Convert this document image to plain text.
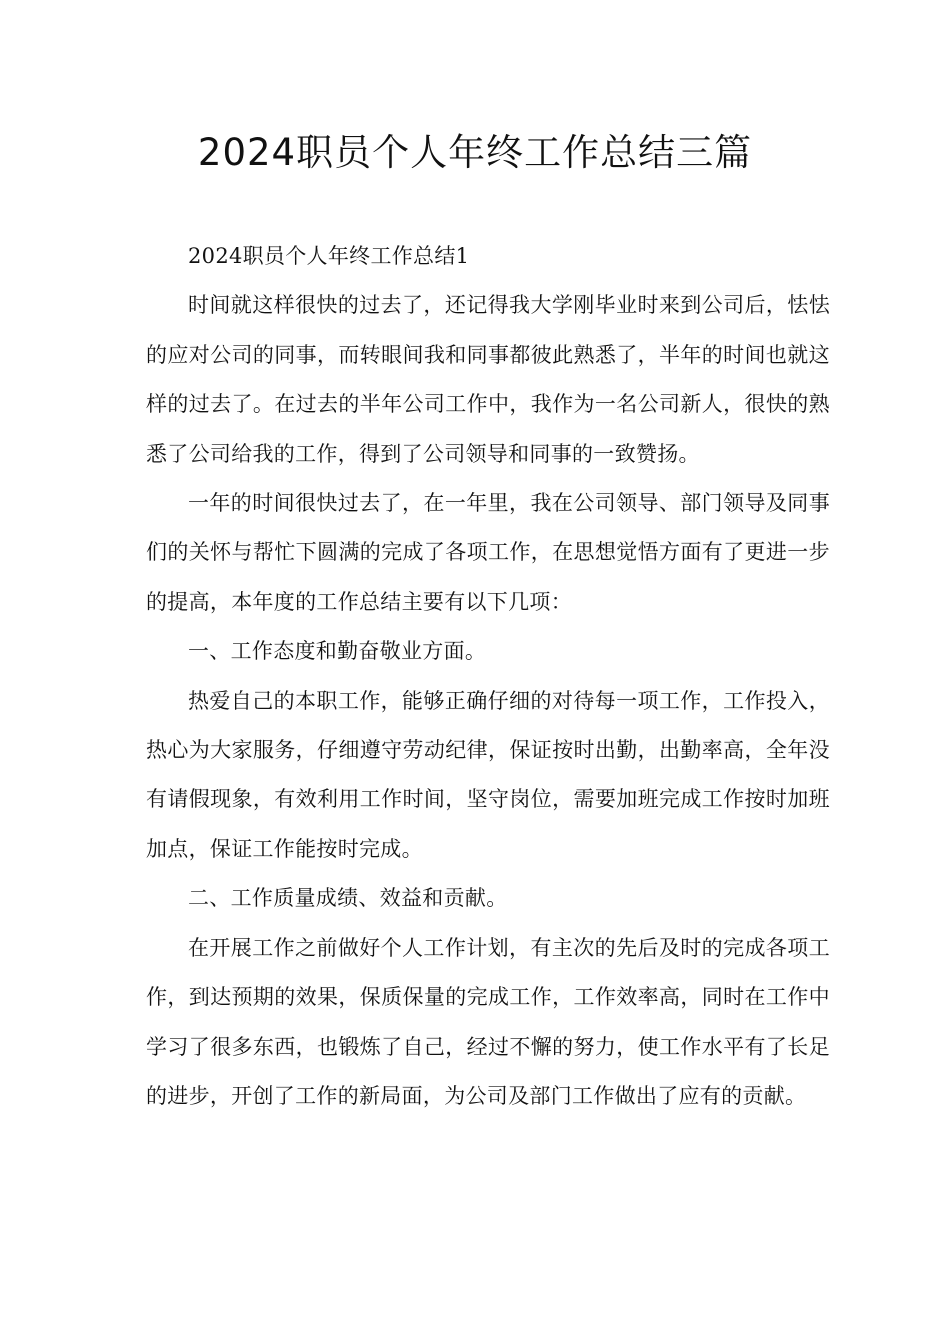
2024职员个人年终工作总结三篇

2024职员个人年终工作总结1

时间就这样很快的过去了，还记得我大学刚毕业时来到公司后，怯怯的应对公司的同事，而转眼间我和同事都彼此熟悉了，半年的时间也就这样的过去了。在过去的半年公司工作中，我作为一名公司新人，很快的熟悉了公司给我的工作，得到了公司领导和同事的一致赞扬。

一年的时间很快过去了，在一年里，我在公司领导、部门领导及同事们的关怀与帮忙下圆满的完成了各项工作，在思想觉悟方面有了更进一步的提高，本年度的工作总结主要有以下几项：

一、工作态度和勤奋敬业方面。

热爱自己的本职工作，能够正确仔细的对待每一项工作，工作投入，热心为大家服务，仔细遵守劳动纪律，保证按时出勤，出勤率高，全年没有请假现象，有效利用工作时间，坚守岗位，需要加班完成工作按时加班加点，保证工作能按时完成。

二、工作质量成绩、效益和贡献。

在开展工作之前做好个人工作计划，有主次的先后及时的完成各项工作，到达预期的效果，保质保量的完成工作，工作效率高，同时在工作中学习了很多东西，也锻炼了自己，经过不懈的努力，使工作水平有了长足的进步，开创了工作的新局面，为公司及部门工作做出了应有的贡献。
